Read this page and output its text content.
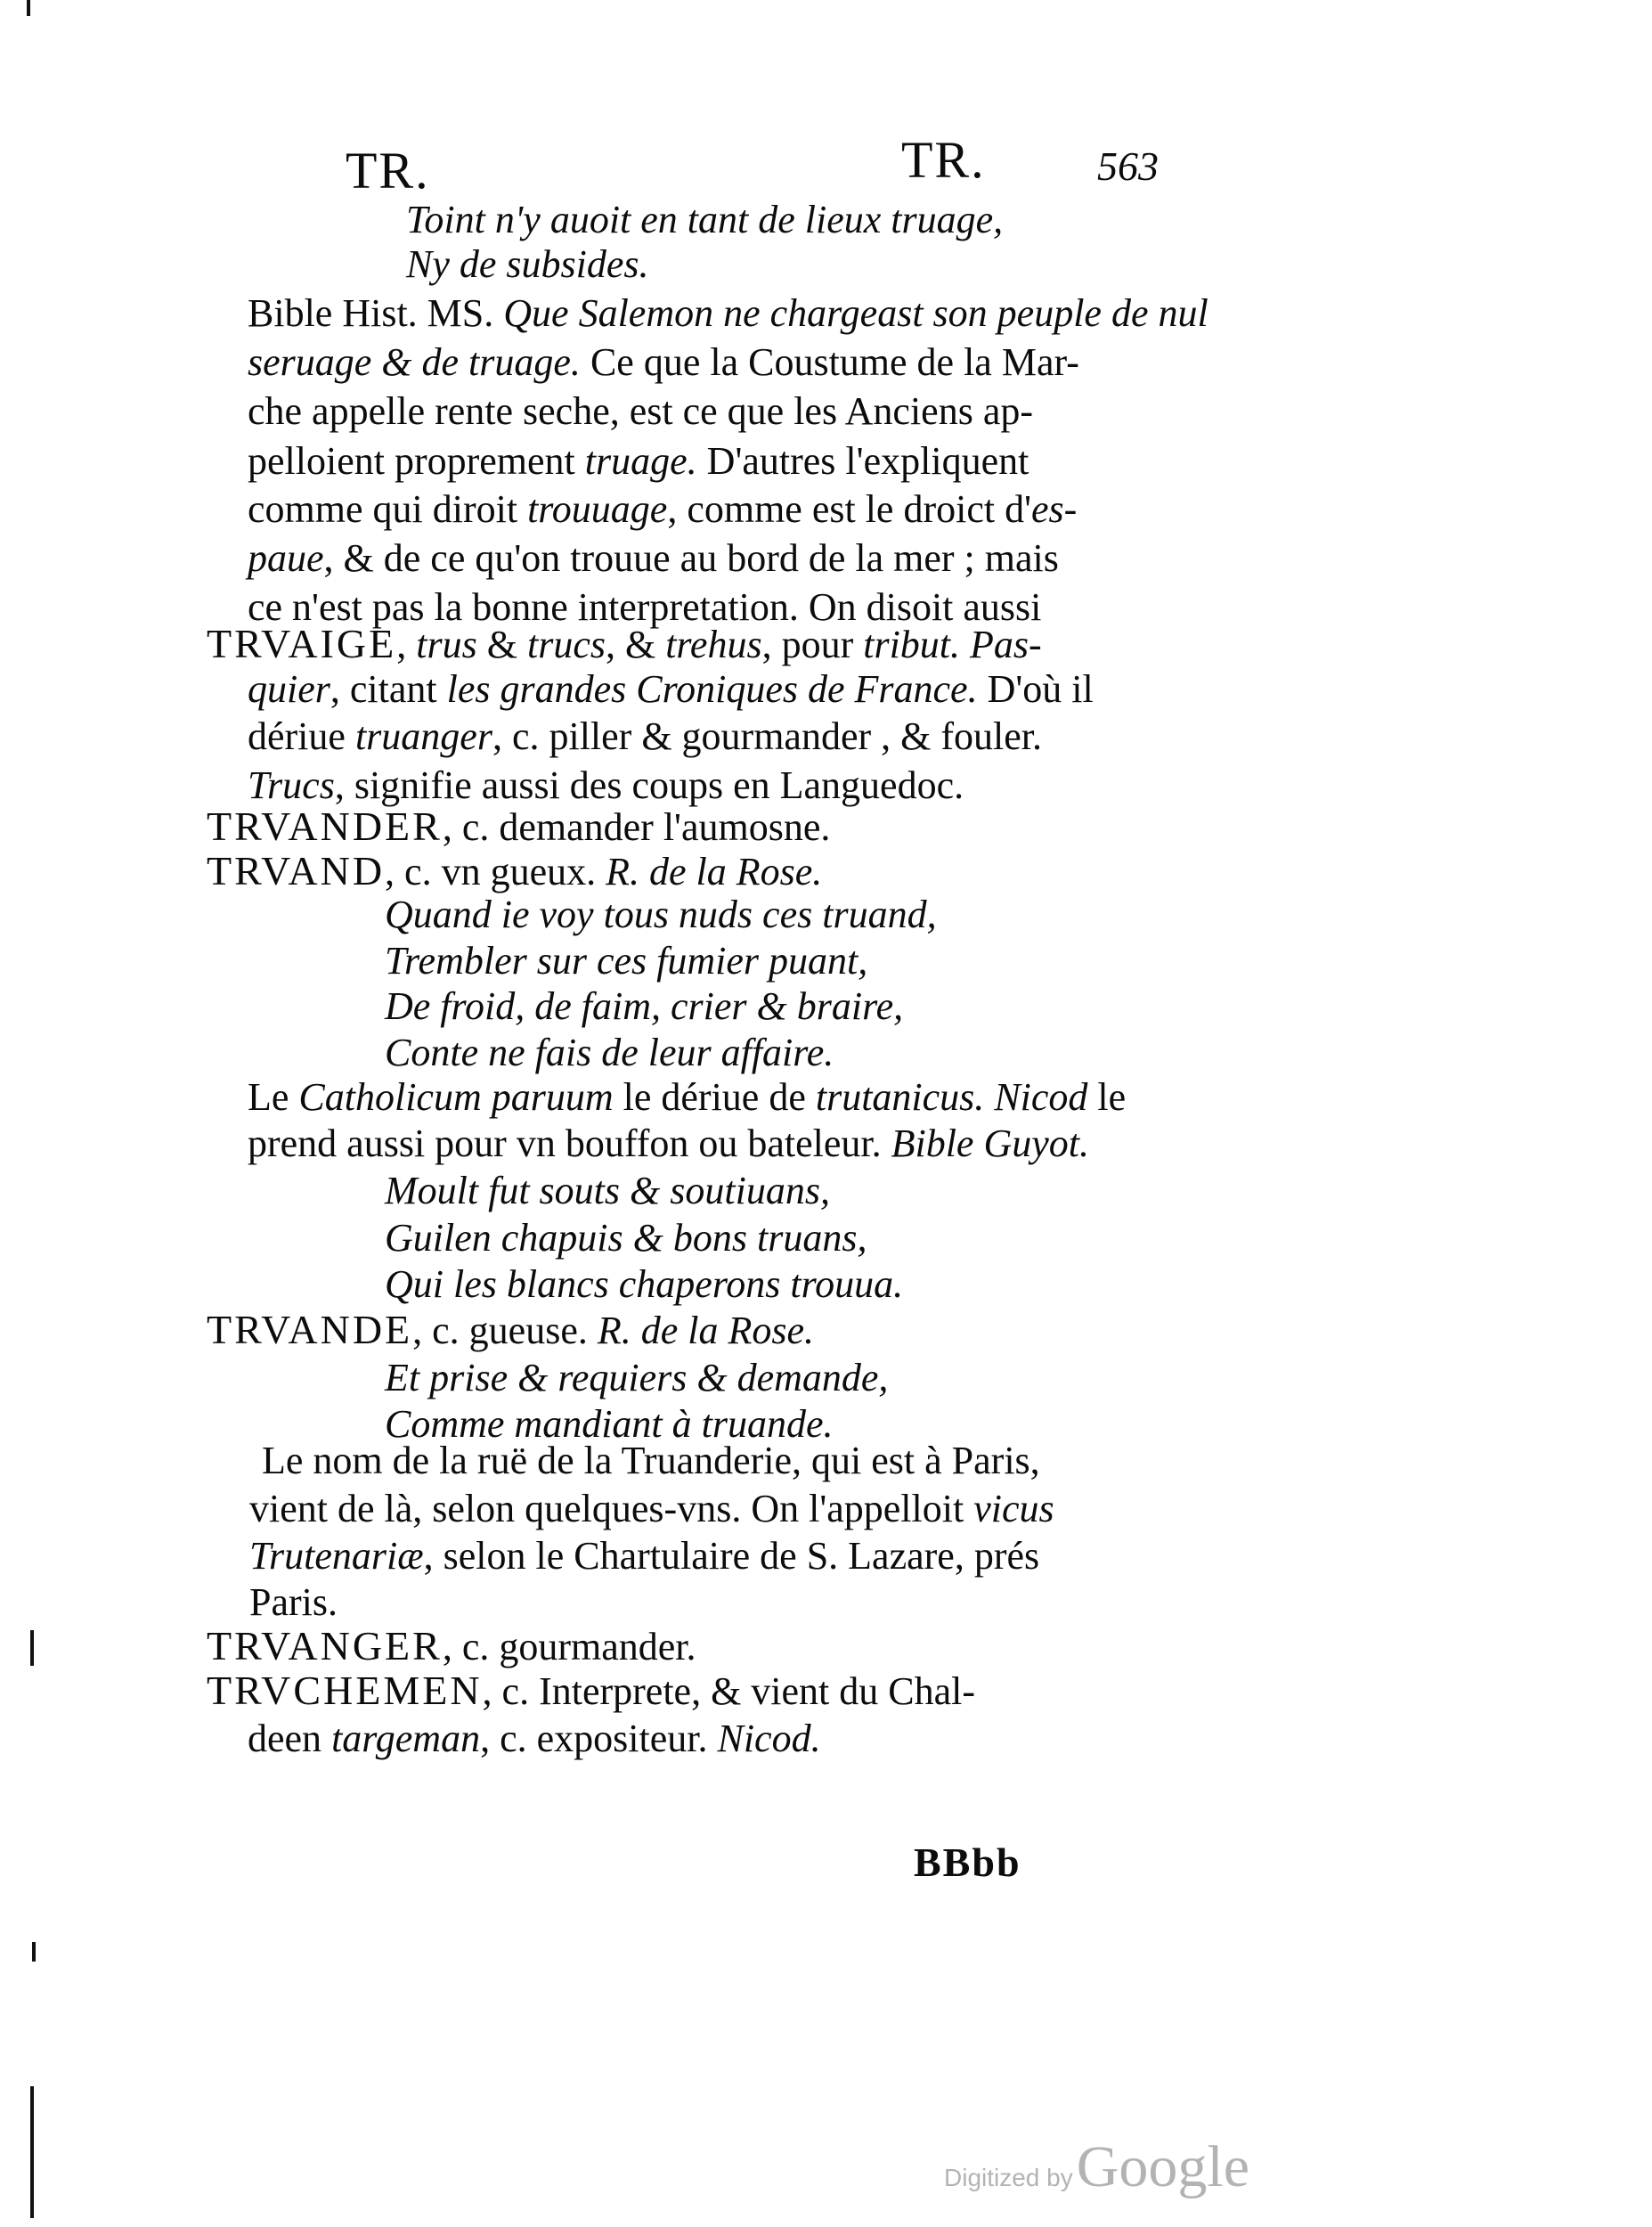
TR.	TR.	563
Toint n'y auoit en tant de lieux truage,
Ny de subsides.
Bible Hist. MS. Que Salemon ne chargeast son peuple de nul
seruage & de truage. Ce que la Coustume de la Mar-
che appelle rente seche, est ce que les Anciens ap-
pelloient proprement truage. D'autres l'expliquent
comme qui diroit trouuage, comme est le droict d'es-
paue, & de ce qu'on trouue au bord de la mer ; mais
ce n'est pas la bonne interpretation. On disoit aussi
TRVAIGE, trus & trucs, & trehus, pour tribut. Pas-
quier, citant les grandes Croniques de France. D'où il
dériue truanger, c. piller & gourmander , & fouler.
Trucs, signifie aussi des coups en Languedoc.
TRVANDER, c. demander l'aumosne.
TRVAND, c. vn gueux. R. de la Rose.
Quand ie voy tous nuds ces truand,
Trembler sur ces fumier puant,
De froid, de faim, crier & braire,
Conte ne fais de leur affaire.
Le Catholicum paruum le dériue de trutanicus. Nicod le
prend aussi pour vn bouffon ou bateleur. Bible Guyot.
Moult fut souts & soutiuans,
Guilen chapuis & bons truans,
Qui les blancs chaperons trouua.
TRVANDE, c. gueuse. R. de la Rose.
Et prise & requiers & demande,
Comme mandiant à truande.
Le nom de la ruë de la Truanderie, qui est à Paris,
vient de là, selon quelques-vns. On l'appelloit vicus
Trutenariæ, selon le Chartulaire de S. Lazare, prés
Paris.
TRVANGER, c. gourmander.
TRVCHEMEN, c. Interprete, & vient du Chal-
deen targeman, c. expositeur. Nicod.
BBbb
Digitized by Google
